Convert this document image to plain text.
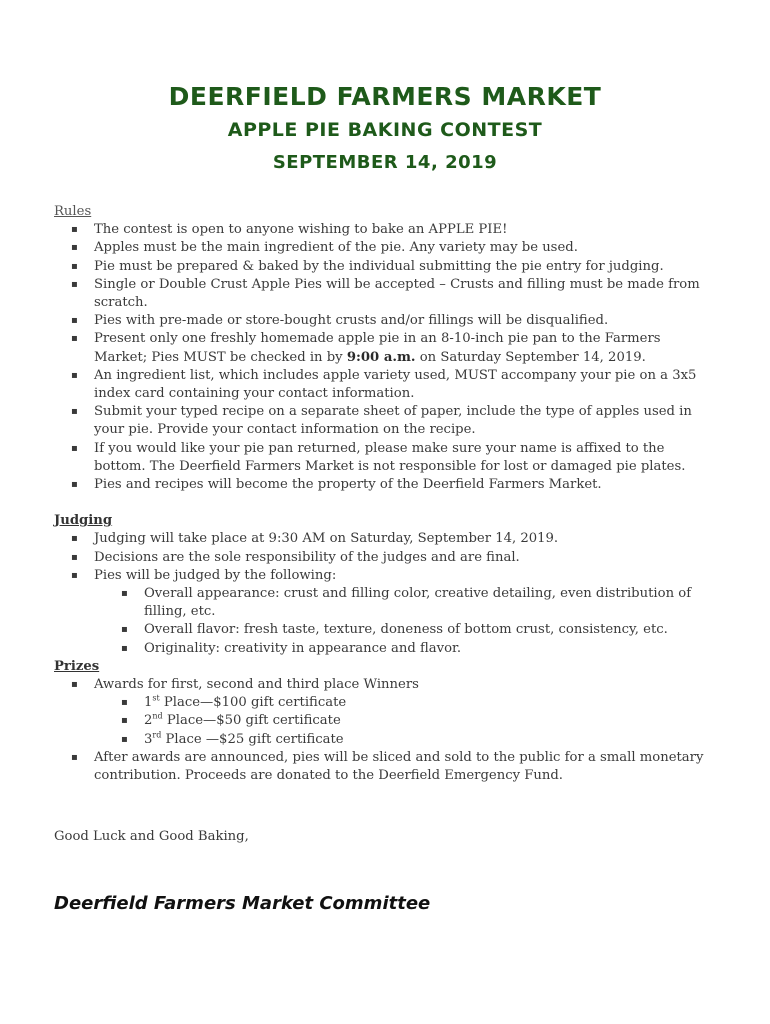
DEERFIELD FARMERS MARKET

APPLE PIE BAKING CONTEST

SEPTEMBER 14, 2019

Rules

▪ The contest is open to anyone wishing to bake an APPLE PIE!
▪ Apples must be the main ingredient of the pie. Any variety may be used.
▪ Pie must be prepared & baked by the individual submitting the pie entry for judging.
▪ Single or Double Crust Apple Pies will be accepted – Crusts and filling must be made from scratch.
▪ Pies with pre-made or store-bought crusts and/or fillings will be disqualified.
▪ Present only one freshly homemade apple pie in an 8-10-inch pie pan to the Farmers Market; Pies MUST be checked in by 9:00 a.m. on Saturday September 14, 2019.
▪ An ingredient list, which includes apple variety used, MUST accompany your pie on a 3x5 index card containing your contact information.
▪ Submit your typed recipe on a separate sheet of paper, include the type of apples used in your pie. Provide your contact information on the recipe.
▪ If you would like your pie pan returned, please make sure your name is affixed to the bottom. The Deerfield Farmers Market is not responsible for lost or damaged pie plates.
▪ Pies and recipes will become the property of the Deerfield Farmers Market.

Judging

▪ Judging will take place at 9:30 AM on Saturday, September 14, 2019.
▪ Decisions are the sole responsibility of the judges and are final.
▪ Pies will be judged by the following:
▪ Overall appearance: crust and filling color, creative detailing, even distribution of filling, etc.
▪ Overall flavor: fresh taste, texture, doneness of bottom crust, consistency, etc.
▪ Originality: creativity in appearance and flavor.

Prizes

▪ Awards for first, second and third place Winners
▪ 1st Place—$100 gift certificate
▪ 2nd Place—$50 gift certificate
▪ 3rd Place —$25 gift certificate
▪ After awards are announced, pies will be sliced and sold to the public for a small monetary contribution. Proceeds are donated to the Deerfield Emergency Fund.

Good Luck and Good Baking,

Deerfield Farmers Market Committee
